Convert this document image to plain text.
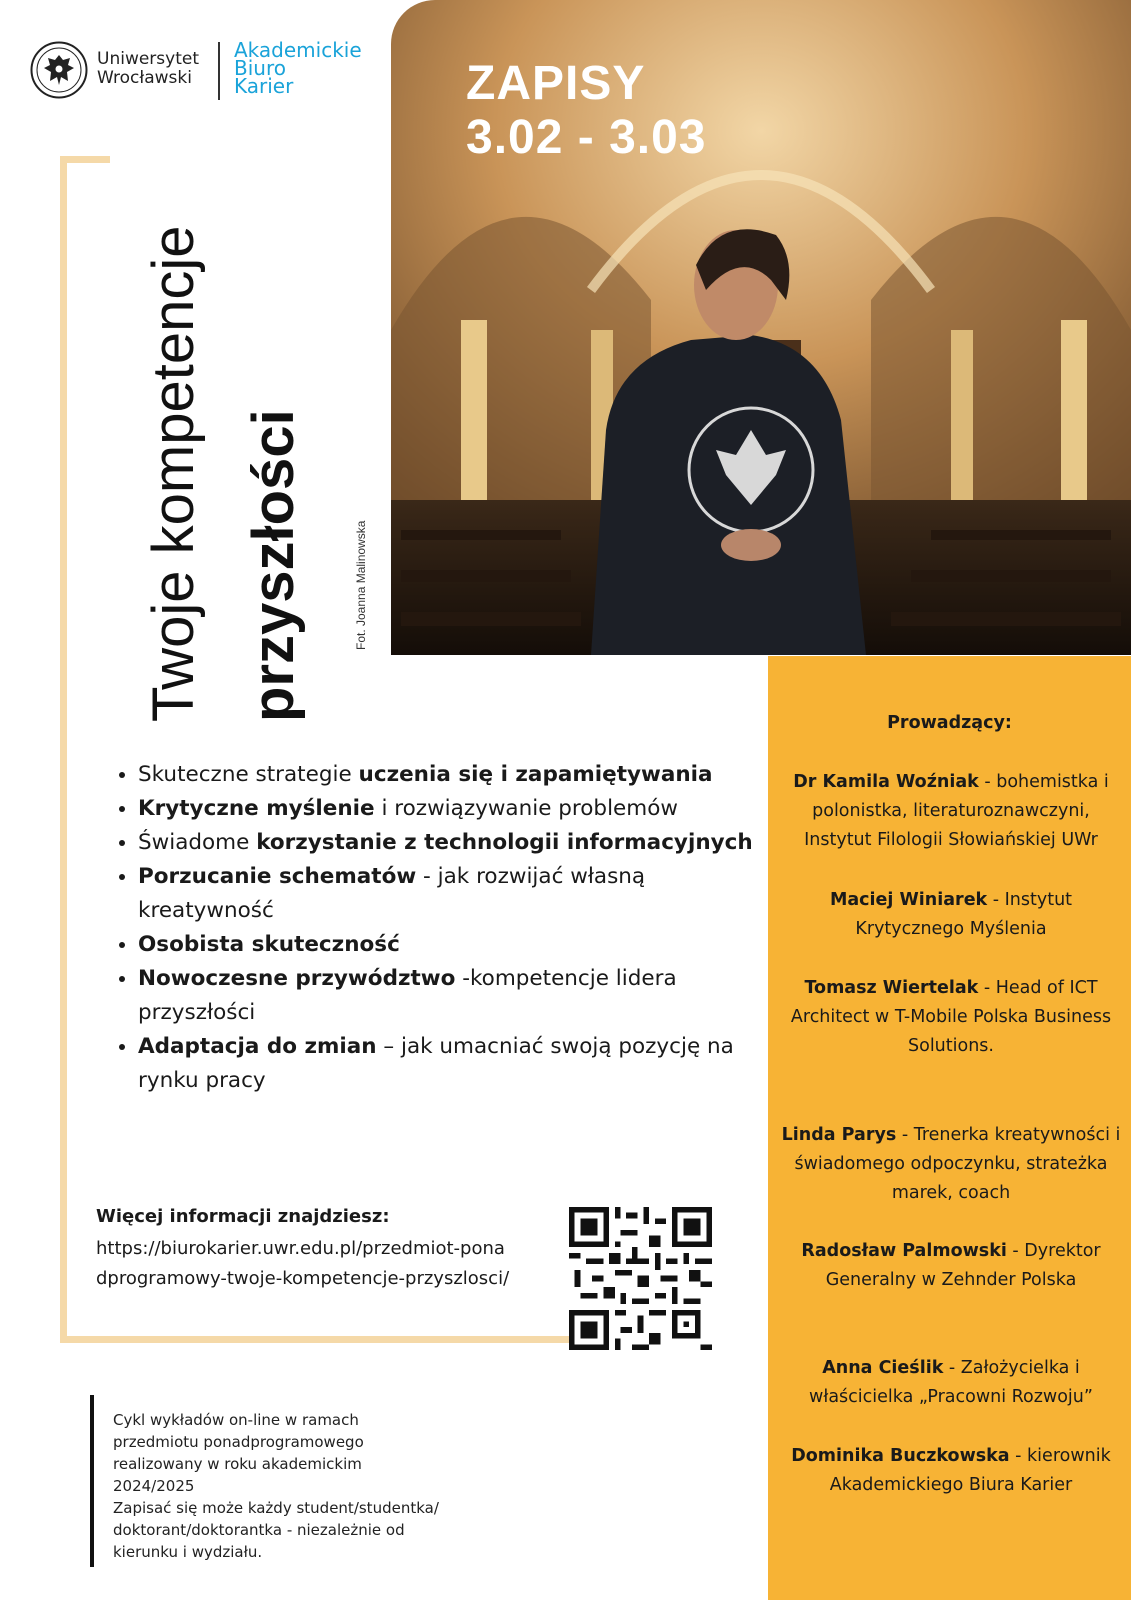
Uniwersytet
Wrocławski
Akademickie
Biuro
Karier	ZAPISY
3.02 - 3.03
Fot. Joanna Malinowska
Twoje kompetencje przyszłości
• Skuteczne strategie uczenia się i zapamiętywania
• Krytyczne myślenie i rozwiązywanie problemów
• Świadome korzystanie z technologii informacyjnych
• Porzucanie schematów - jak rozwijać własną kreatywność
• Osobista skuteczność
• Nowoczesne przywództwo -kompetencje lidera przyszłości
• Adaptacja do zmian – jak umacniać swoją pozycję na rynku pracy
Więcej informacji znajdziesz:
https://biurokarier.uwr.edu.pl/przedmiot-ponadprogramowy-twoje-kompetencje-przyszlosci/
Cykl wykładów on-line w ramach
przedmiotu ponadprogramowego
realizowany w roku akademickim
2024/2025
Zapisać się może każdy student/studentka/
doktorant/doktorantka - niezależnie od
kierunku i wydziału.
Prowadzący:
Dr Kamila Woźniak - bohemistka i polonistka, literaturoznawczyni, Instytut Filologii Słowiańskiej UWr
Maciej Winiarek - Instytut Krytycznego Myślenia
Tomasz Wiertelak - Head of ICT Architect w T-Mobile Polska Business Solutions.
Linda Parys - Trenerka kreatywności i świadomego odpoczynku, strateżka marek, coach
Radosław Palmowski - Dyrektor Generalny w Zehnder Polska
Anna Cieślik - Założycielka i właścicielka „Pracowni Rozwoju”
Dominika Buczkowska - kierownik Akademickiego Biura Karier
